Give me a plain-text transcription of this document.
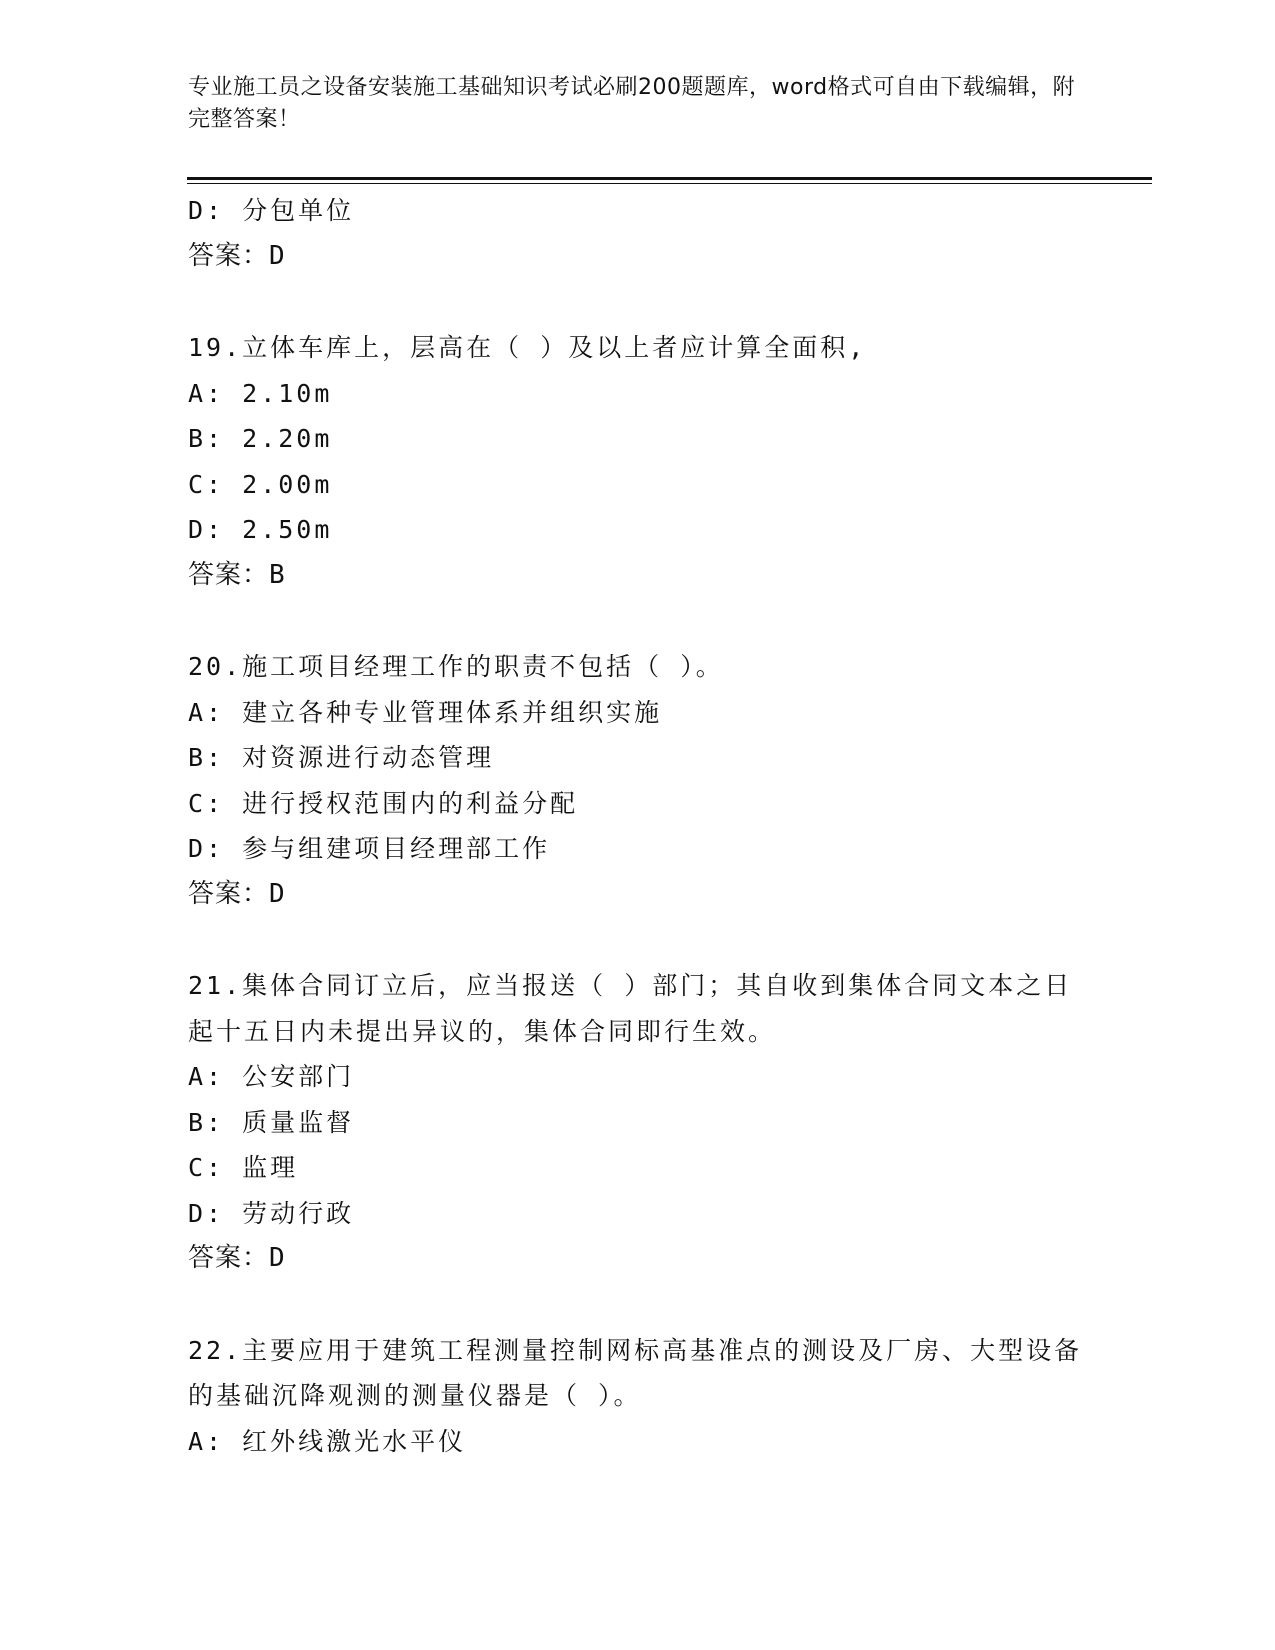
专业施工员之设备安装施工基础知识考试必刷200题题库，word格式可自由下载编辑，附完整答案！
D: 分包单位
答案：D
19.立体车库上，层高在（ ）及以上者应计算全面积,
A: 2.10m
B: 2.20m
C: 2.00m
D: 2.50m
答案：B
20.施工项目经理工作的职责不包括（ ）。
A: 建立各种专业管理体系并组织实施
B: 对资源进行动态管理
C: 进行授权范围内的利益分配
D: 参与组建项目经理部工作
答案：D
21.集体合同订立后，应当报送（ ）部门；其自收到集体合同文本之日起十五日内未提出异议的，集体合同即行生效。
A: 公安部门
B: 质量监督
C: 监理
D: 劳动行政
答案：D
22.主要应用于建筑工程测量控制网标高基准点的测设及厂房、大型设备的基础沉降观测的测量仪器是（ ）。
A: 红外线激光水平仪
